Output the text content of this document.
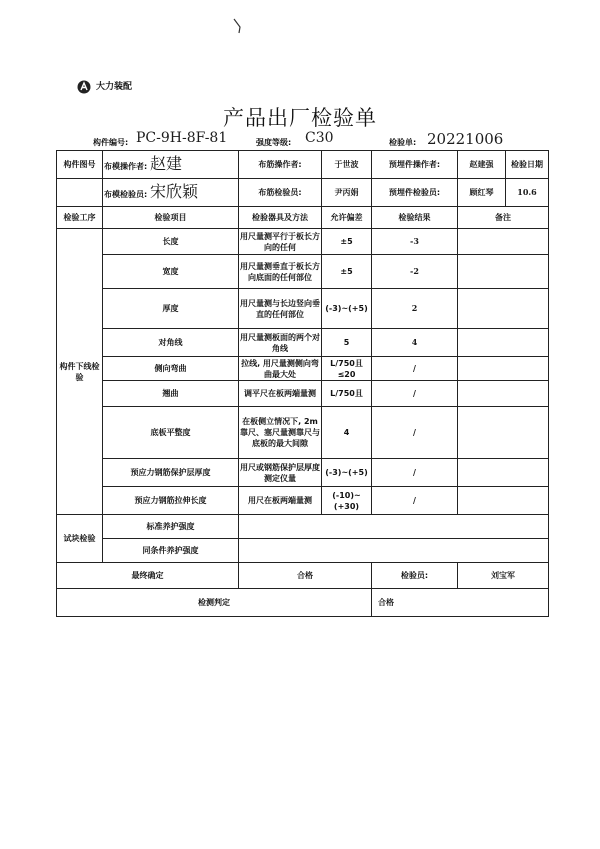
大力装配
产品出厂检验单
构件编号: PC-9H-8F-81	强度等级: C30	检验单: 20221006
构件图号	布模操作者: 赵建	布筋操作者:	于世波	预埋件操作者:	赵建强	检验日期
	布模检验员: 宋欣颖	布筋检验员:	尹丙娟	预埋件检验员:	顾红琴	10.6
检验工序	检验项目	检验器具及方法	允许偏差	检验结果	备注	
构件下线检验	长度	用尺量测平行于板长方向的任何	±5	-3		
	宽度	用尺量测垂直于板长方向底面的任何部位	±5	-2		
	厚度	用尺量测与长边竖向垂直的任何部位	(-3)~(+5)	2		
	对角线	用尺量测板面的两个对角线	5	4		
	侧向弯曲	拉线, 用尺量测侧向弯曲最大处	L/750且≤20	/		
	翘曲	调平尺在板两端量测	L/750且	/		
	底板平整度	在板侧立情况下, 2m靠尺、塞尺量测靠尺与底板的最大间隙	4	/		
	预应力钢筋保护层厚度	用尺或钢筋保护层厚度测定仪量	(-3)~(+5)	/		
	预应力钢筋拉伸长度	用尺在板两端量测	(-10)~(+30)	/		
试块检验	标准养护强度					
	同条件养护强度					
最终确定		合格		检验员:	刘宝军	
检测判定				合格		
